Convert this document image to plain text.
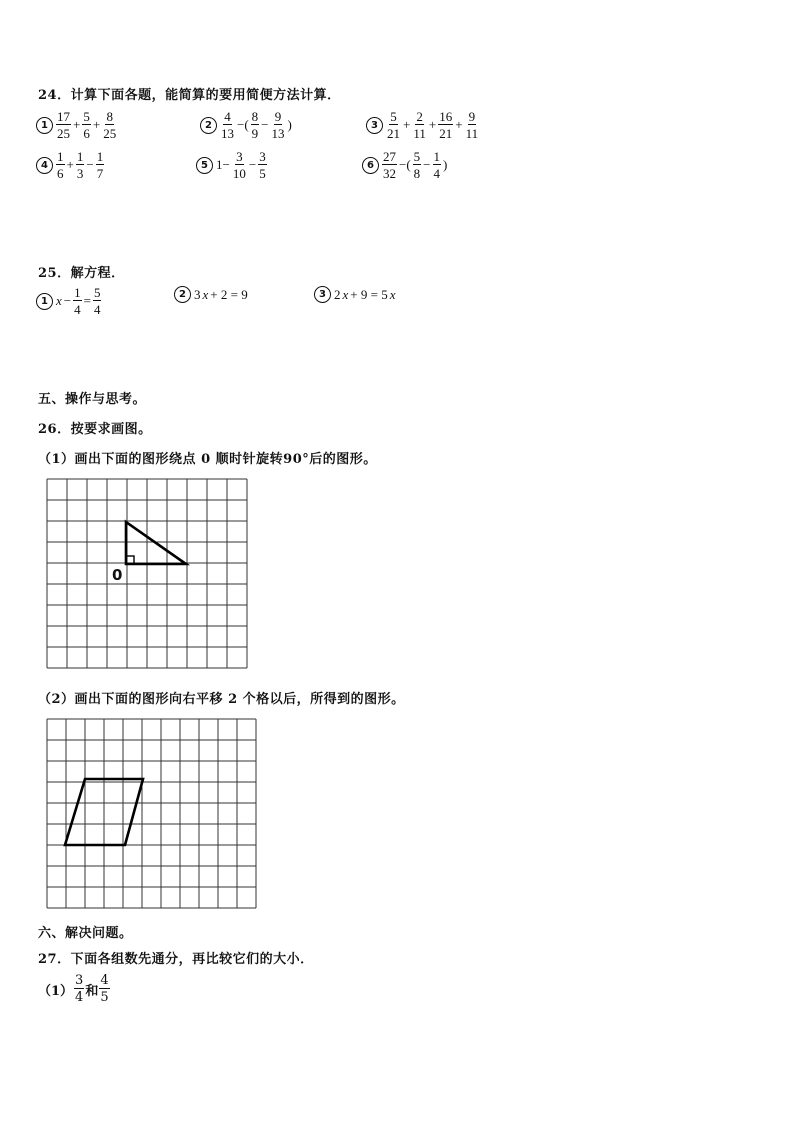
24．计算下面各题，能简算的要用简便方法计算．
$1 \frac{17}{25} + \frac{5}{6} + \frac{8}{25}$	$2 \frac{4}{13}$ −( $\frac{8}{9} - \frac{9}{13}$ )	$3 \frac{5}{21} + \frac{2}{11} + \frac{16}{21} + \frac{9}{11}$
$4 \frac{1}{6} + \frac{1}{3} - \frac{1}{7}$	5 $1- \frac{3}{10} - \frac{3}{5}$	$6 \frac{27}{32}$ −( $\frac{5}{8} - \frac{1}{4}$ )
25．解方程．
1 $x - \frac{1}{4} = \frac{5}{4}$	2 3 x + 2 = 9	3 2 x + 9 = 5 x
五、操作与思考。
26．按要求画图。
（1）画出下面的图形绕点 0 顺时针旋转90°后的图形。
0
（2）画出下面的图形向右平移 2 个格以后，所得到的图形。
六、解决问题。
27．下面各组数先通分，再比较它们的大小．
$(1) \frac{3}{4}$ 和 $\frac{4}{5}$
